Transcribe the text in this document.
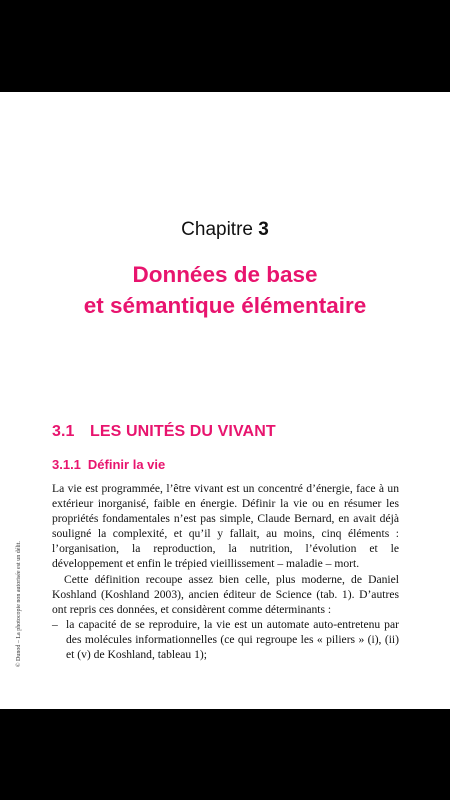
Chapitre 3
Données de base
et sémantique élémentaire
3.1 LES UNITÉS DU VIVANT
3.1.1 Définir la vie
© Dunod – La photocopie non autorisée est un délit.

La vie est programmée, l’être vivant est un concentré d’énergie, face à un extérieur inorganisé, faible en énergie. Définir la vie ou en résumer les propriétés fondamentales n’est pas simple, Claude Bernard, en avait déjà souligné la complexité, et qu’il y fallait, au moins, cinq éléments : l’organisation, la reproduction, la nutrition, l’évolution et le développement et enfin le trépied vieillissement – maladie – mort.

Cette définition recoupe assez bien celle, plus moderne, de Daniel Koshland (Koshland 2003), ancien éditeur de Science (tab. 1). D’autres ont repris ces données, et considèrent comme déterminants :

– la capacité de se reproduire, la vie est un automate auto-entretenu par des molécules informationnelles (ce qui regroupe les « piliers » (i), (ii) et (v) de Koshland, tableau 1);
